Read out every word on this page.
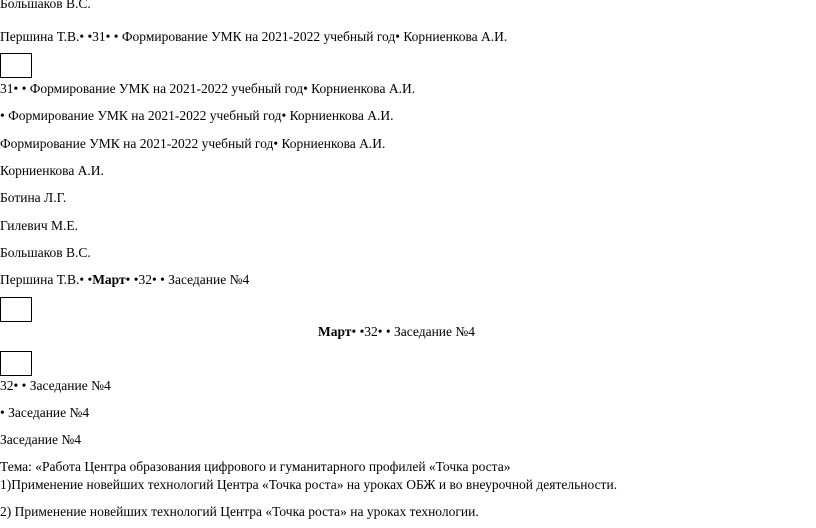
Большаков В.С.
Першина Т.В.• •31• • Формирование УМК на 2021-2022 учебный год• Корниенкова А.И.
31• • Формирование УМК на 2021-2022 учебный год• Корниенкова А.И.
• Формирование УМК на 2021-2022 учебный год• Корниенкова А.И.
Формирование УМК на 2021-2022 учебный год• Корниенкова А.И.
Корниенкова А.И.
Ботина Л.Г.
Гилевич М.Е.
Большаков В.С.
Першина Т.В.• •Март• •32• • Заседание №4
Март• •32• • Заседание №4
32• • Заседание №4
• Заседание №4
Заседание №4
Тема: «Работа Центра образования цифрового и гуманитарного профилей «Точка роста»
1)Применение новейших технологий Центра «Точка роста» на уроках ОБЖ и во внеурочной деятельности.
2) Применение новейших технологий Центра «Точка роста» на уроках технологии.
